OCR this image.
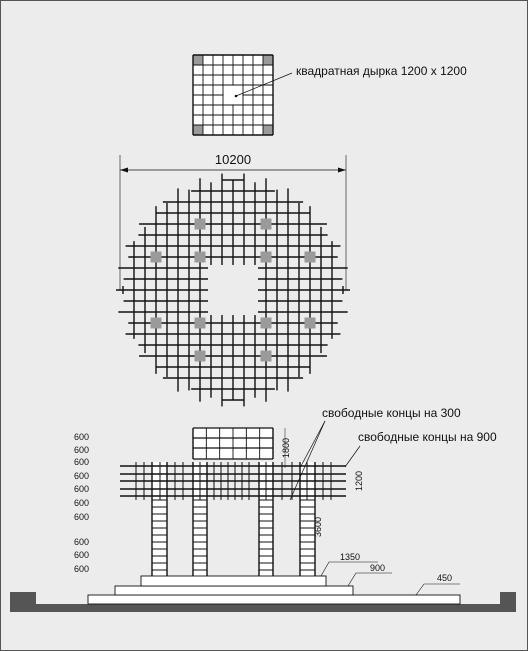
квадратная дырка 1200 х 1200
10200
600
600
600
600
600
600
600
600
600
600
1350
900
450
1800
1200
3600
свободные концы на 300
свободные концы на 900
